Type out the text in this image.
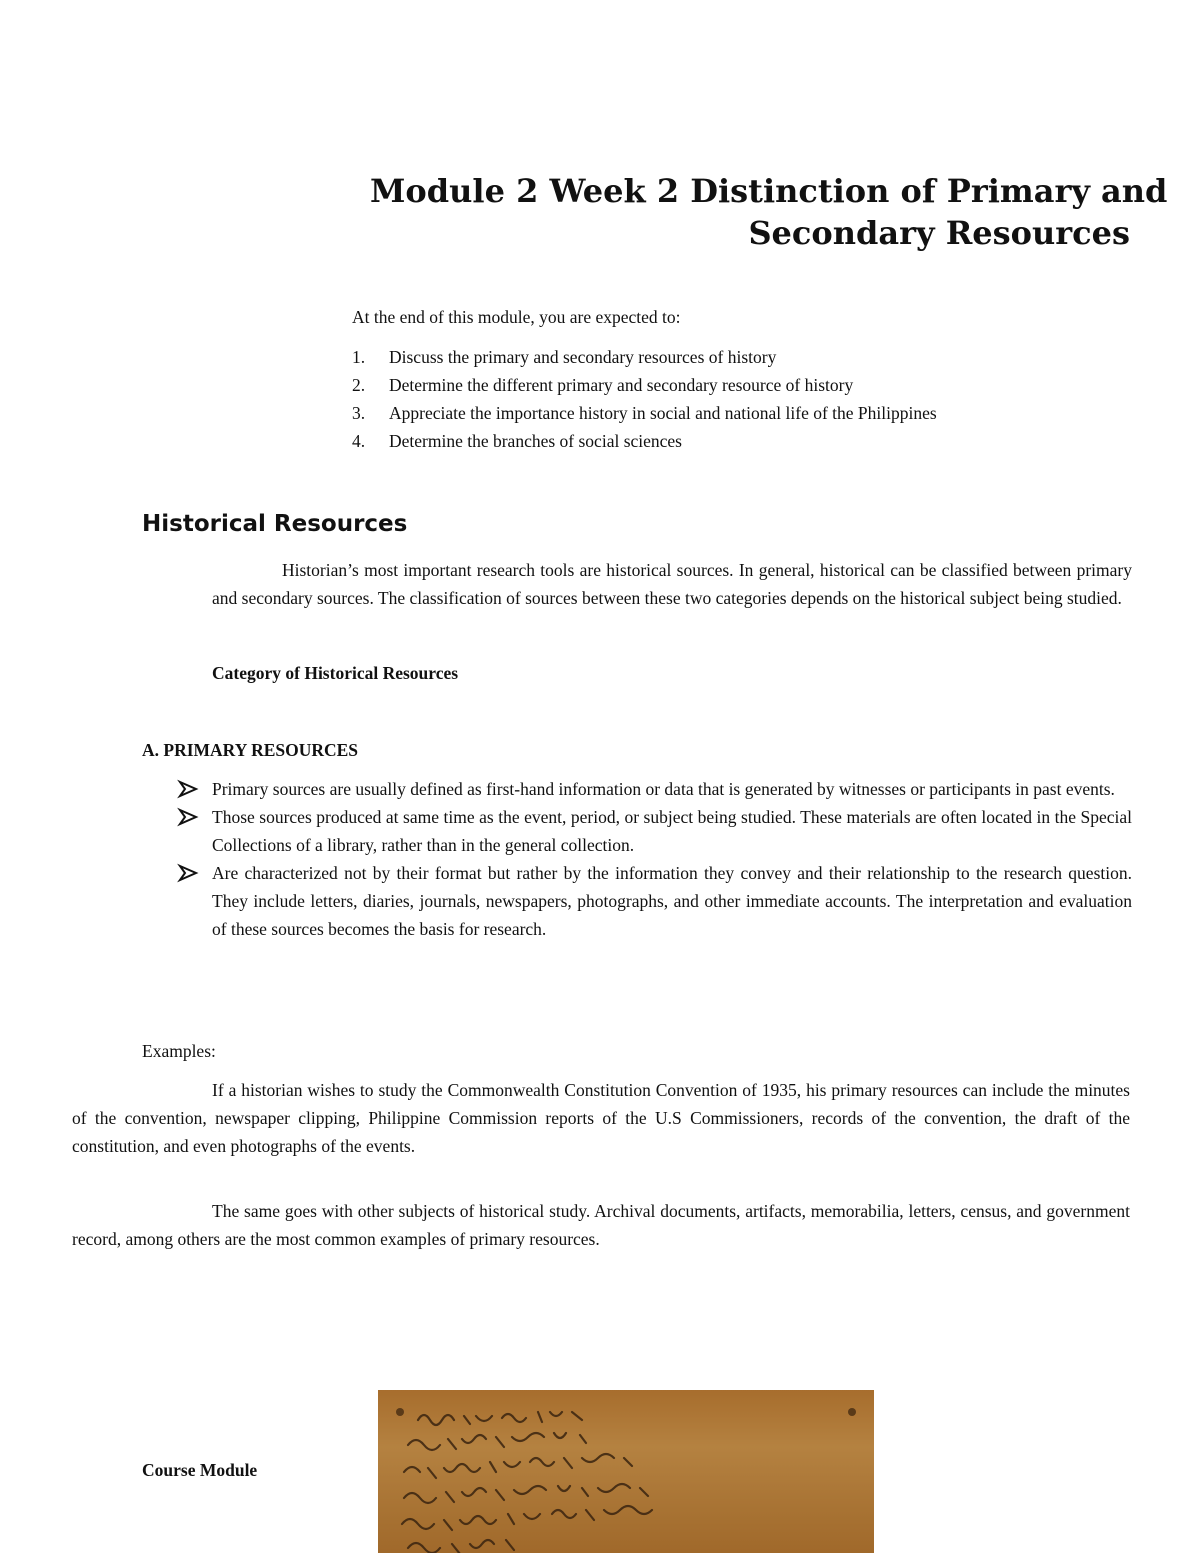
Module 2 Week 2 Distinction of Primary and
Secondary Resources
At the end of this module, you are expected to:
1. Discuss the primary and secondary resources of history
2. Determine the different primary and secondary resource of history
3. Appreciate the importance history in social and national life of the Philippines
4. Determine the branches of social sciences
Historical Resources

Historian’s most important research tools are historical sources. In general, historical can be classified between primary and secondary sources. The classification of sources between these two categories depends on the historical subject being studied.

Category of Historical Resources
A. PRIMARY RESOURCES
Primary sources are usually defined as first-hand information or data that is generated by witnesses or participants in past events.
Those sources produced at same time as the event, period, or subject being studied. These materials are often located in the Special Collections of a library, rather than in the general collection.
Are characterized not by their format but rather by the information they convey and their relationship to the research question. They include letters, diaries, journals, newspapers, photographs, and other immediate accounts. The interpretation and evaluation of these sources becomes the basis for research.
Examples:

If a historian wishes to study the Commonwealth Constitution Convention of 1935, his primary resources can include the minutes of the convention, newspaper clipping, Philippine Commission reports of the U.S Commissioners, records of the convention, the draft of the constitution, and even photographs of the events.

The same goes with other subjects of historical study. Archival documents, artifacts, memorabilia, letters, census, and government record, among others are the most common examples of primary resources.

Course Module
